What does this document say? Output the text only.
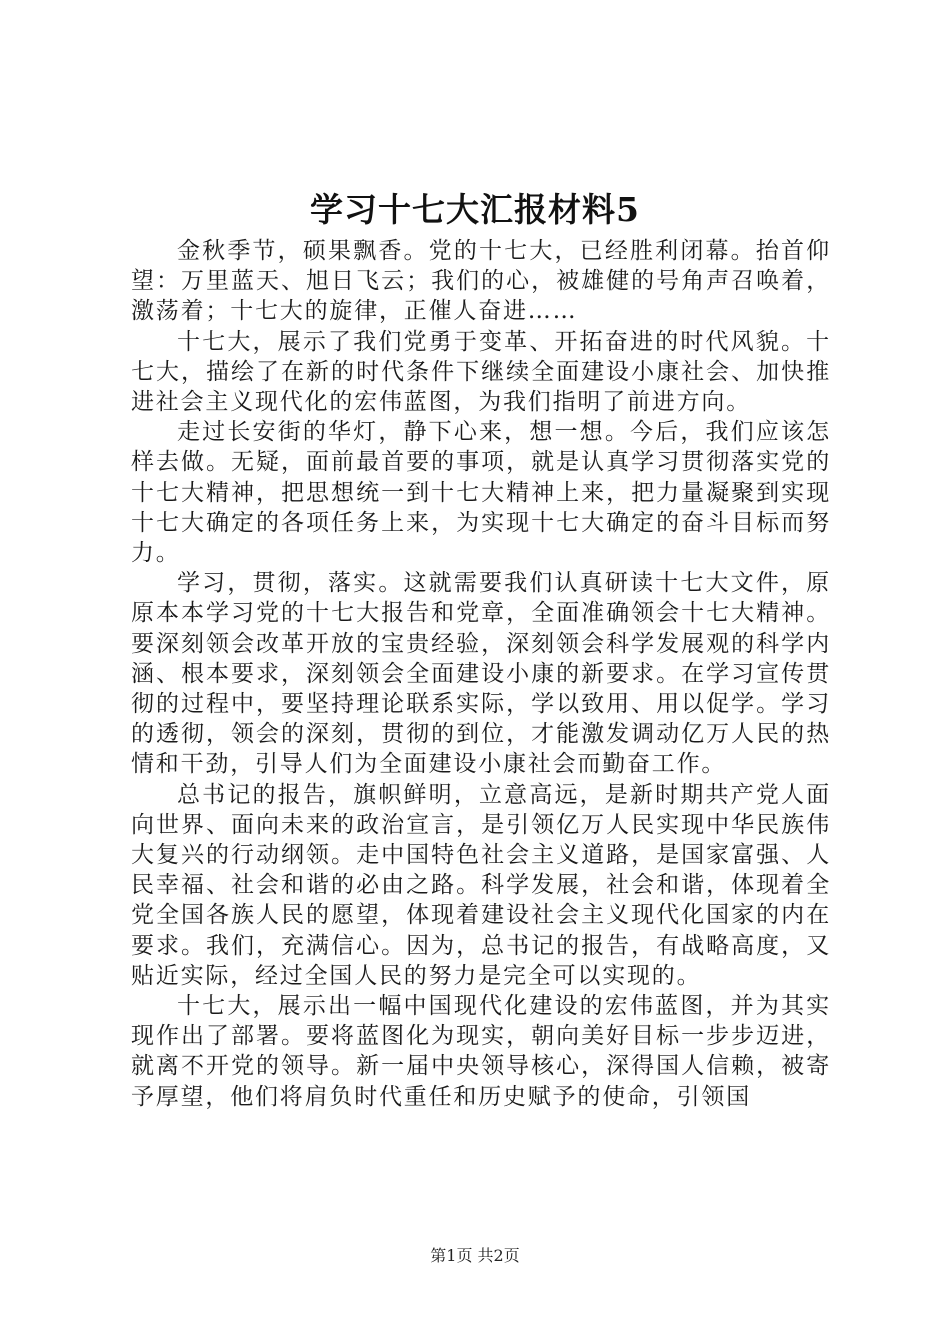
学习十七大汇报材料5

金秋季节，硕果飘香。党的十七大，已经胜利闭幕。抬首仰望：万里蓝天、旭日飞云；我们的心，被雄健的号角声召唤着，激荡着；十七大的旋律，正催人奋进……

十七大，展示了我们党勇于变革、开拓奋进的时代风貌。十七大，描绘了在新的时代条件下继续全面建设小康社会、加快推进社会主义现代化的宏伟蓝图，为我们指明了前进方向。

走过长安街的华灯，静下心来，想一想。今后，我们应该怎样去做。无疑，面前最首要的事项，就是认真学习贯彻落实党的十七大精神，把思想统一到十七大精神上来，把力量凝聚到实现十七大确定的各项任务上来，为实现十七大确定的奋斗目标而努力。

学习，贯彻，落实。这就需要我们认真研读十七大文件，原原本本学习党的十七大报告和党章，全面准确领会十七大精神。要深刻领会改革开放的宝贵经验，深刻领会科学发展观的科学内涵、根本要求，深刻领会全面建设小康的新要求。在学习宣传贯彻的过程中，要坚持理论联系实际，学以致用、用以促学。学习的透彻，领会的深刻，贯彻的到位，才能激发调动亿万人民的热情和干劲，引导人们为全面建设小康社会而勤奋工作。

总书记的报告，旗帜鲜明，立意高远，是新时期共产党人面向世界、面向未来的政治宣言，是引领亿万人民实现中华民族伟大复兴的行动纲领。走中国特色社会主义道路，是国家富强、人民幸福、社会和谐的必由之路。科学发展，社会和谐，体现着全党全国各族人民的愿望，体现着建设社会主义现代化国家的内在要求。我们，充满信心。因为，总书记的报告，有战略高度，又贴近实际，经过全国人民的努力是完全可以实现的。

十七大，展示出一幅中国现代化建设的宏伟蓝图，并为其实现作出了部署。要将蓝图化为现实，朝向美好目标一步步迈进，就离不开党的领导。新一届中央领导核心，深得国人信赖，被寄予厚望，他们将肩负时代重任和历史赋予的使命，引领国

第1页 共2页
